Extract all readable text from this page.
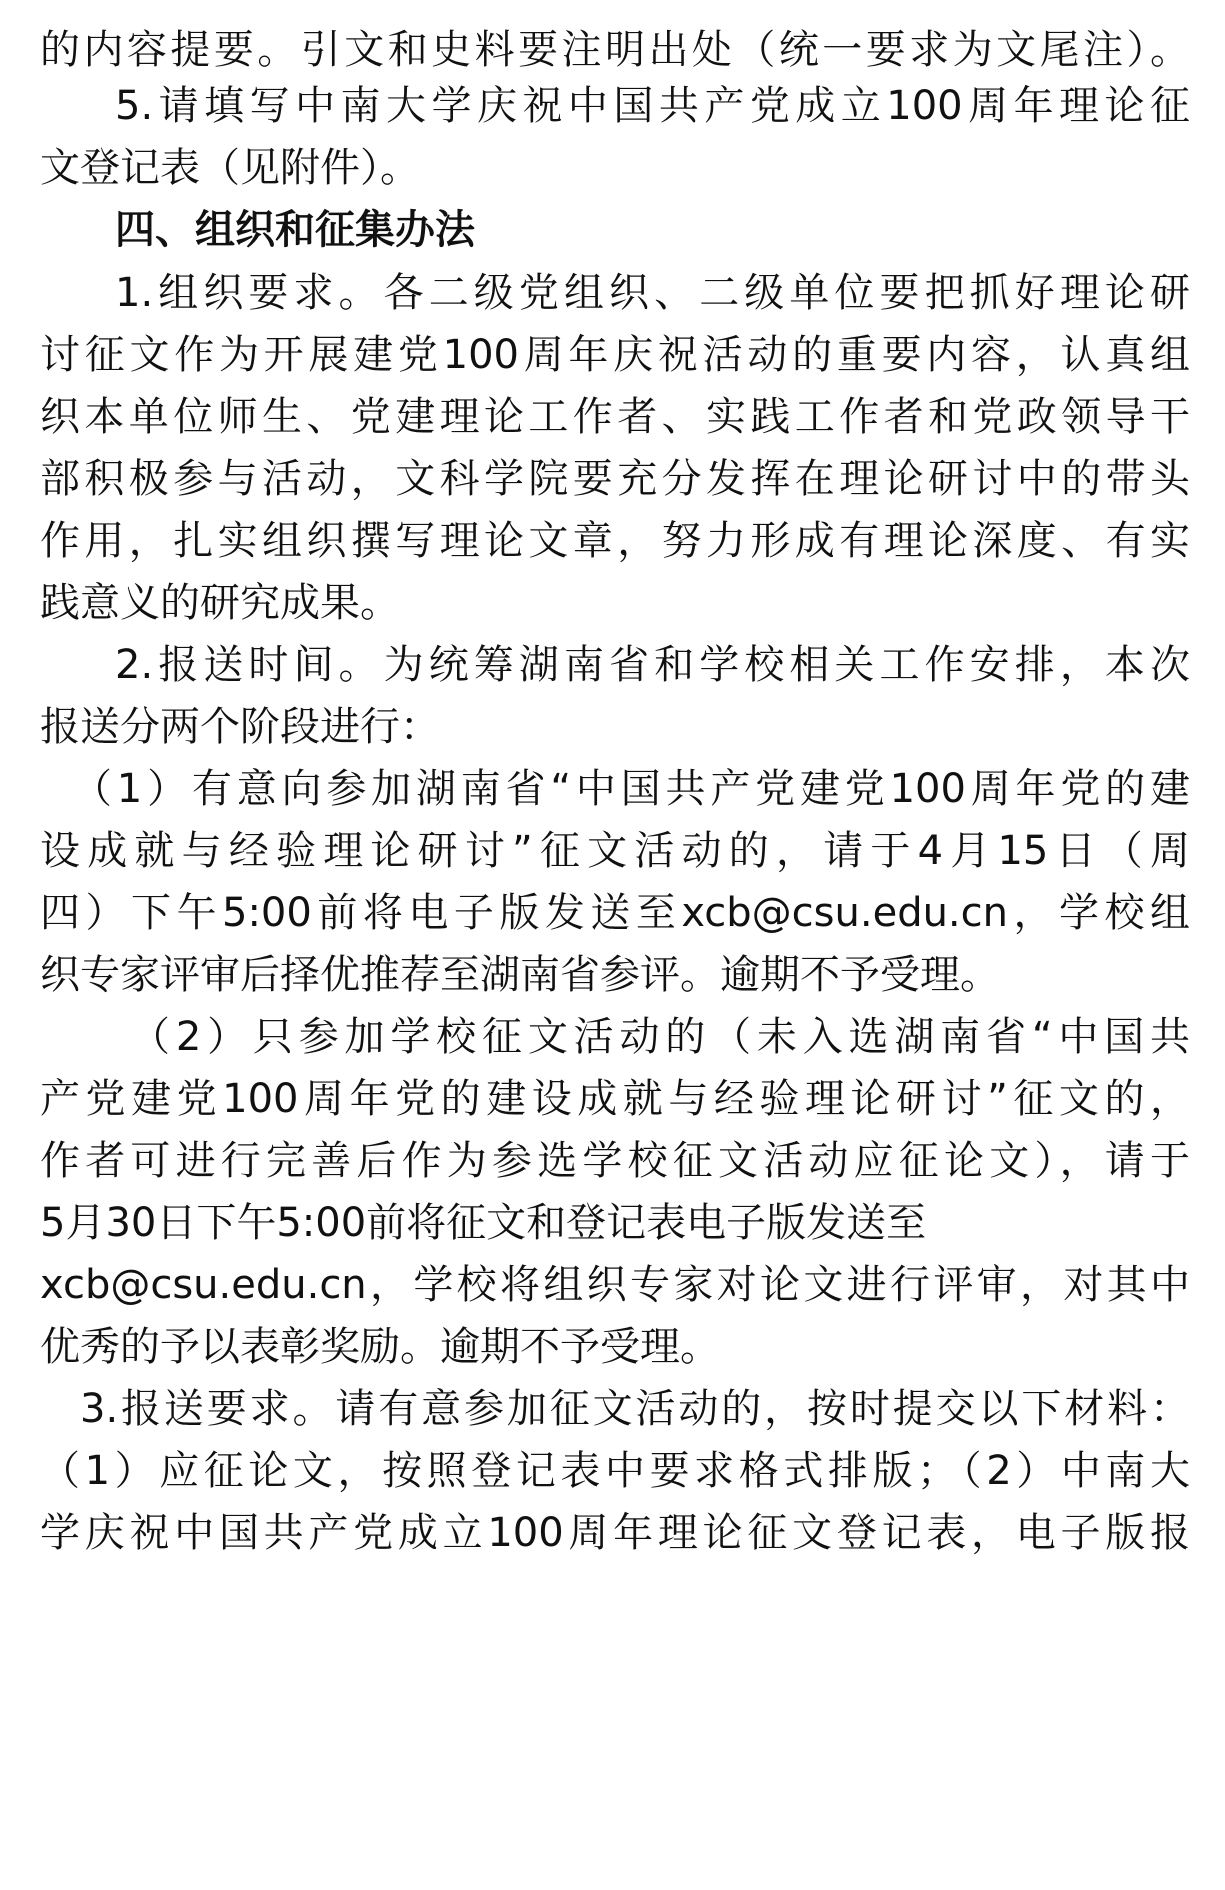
的内容提要。引文和史料要注明出处（统一要求为文尾注）。
5.请填写中南大学庆祝中国共产党成立100周年理论征
文登记表（见附件）。
四、组织和征集办法
1.组织要求。各二级党组织、二级单位要把抓好理论研
讨征文作为开展建党100周年庆祝活动的重要内容，认真组
织本单位师生、党建理论工作者、实践工作者和党政领导干
部积极参与活动，文科学院要充分发挥在理论研讨中的带头
作用，扎实组织撰写理论文章，努力形成有理论深度、有实
践意义的研究成果。
2.报送时间。为统筹湖南省和学校相关工作安排，本次
报送分两个阶段进行：
（1）有意向参加湖南省“中国共产党建党100周年党的建
设成就与经验理论研讨”征文活动的，请于4月15日（周
四）下午5:00前将电子版发送至xcb@csu.edu.cn，学校组
织专家评审后择优推荐至湖南省参评。逾期不予受理。
（2）只参加学校征文活动的（未入选湖南省“中国共
产党建党100周年党的建设成就与经验理论研讨”征文的，
作者可进行完善后作为参选学校征文活动应征论文），请于
5月30日下午5:00前将征文和登记表电子版发送至
xcb@csu.edu.cn，学校将组织专家对论文进行评审，对其中
优秀的予以表彰奖励。逾期不予受理。
3.报送要求。请有意参加征文活动的，按时提交以下材料：
（1）应征论文，按照登记表中要求格式排版；（2）中南大
学庆祝中国共产党成立100周年理论征文登记表，电子版报
